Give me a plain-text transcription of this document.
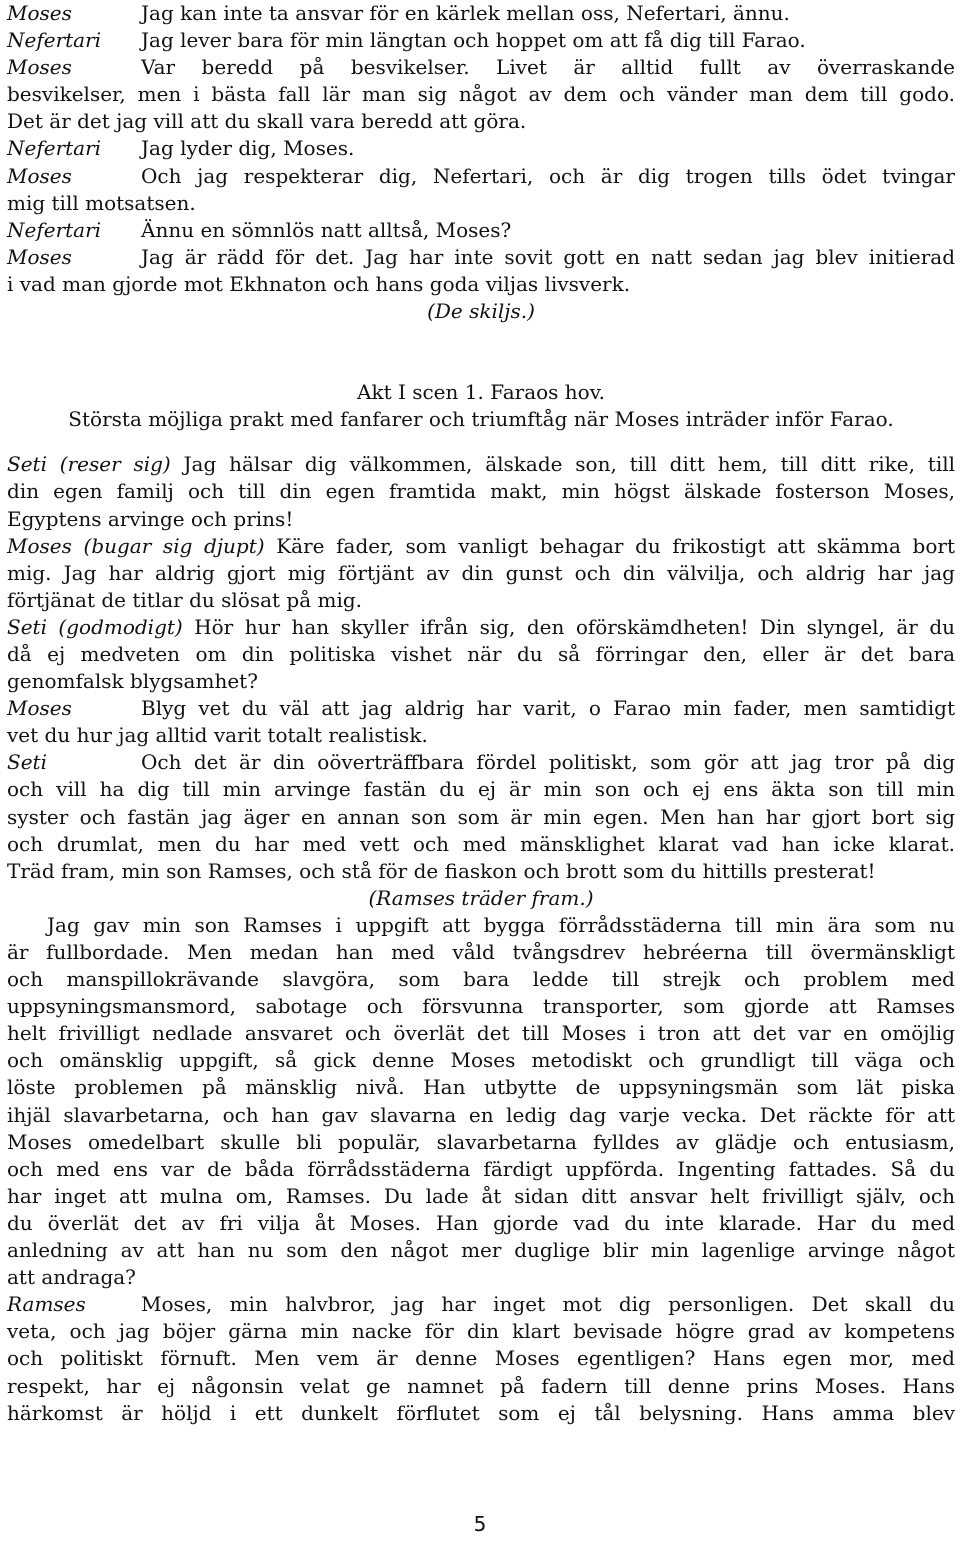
Moses	Jag kan inte ta ansvar för en kärlek mellan oss, Nefertari, ännu.
Nefertari Jag lever bara för min längtan och hoppet om att få dig till Farao.
Moses	Var beredd på besvikelser. Livet är alltid fullt av överraskande
besvikelser, men i bästa fall lär man sig något av dem och vänder man dem till godo.
Det är det jag vill att du skall vara beredd att göra.
Nefertari Jag lyder dig, Moses.
Moses	Och jag respekterar dig, Nefertari, och är dig trogen tills ödet tvingar
mig till motsatsen.
Nefertari Ännu en sömnlös natt alltså, Moses?
Moses	Jag är rädd för det. Jag har inte sovit gott en natt sedan jag blev initierad
i vad man gjorde mot Ekhnaton och hans goda viljas livsverk.
(De skiljs.)
Akt I scen 1. Faraos hov.
Största möjliga prakt med fanfarer och triumftåg när Moses inträder inför Farao.
Seti (reser sig) Jag hälsar dig välkommen, älskade son, till ditt hem, till ditt rike, till
din egen familj och till din egen framtida makt, min högst älskade fosterson Moses,
Egyptens arvinge och prins!
Moses (bugar sig djupt) Käre fader, som vanligt behagar du frikostigt att skämma bort
mig. Jag har aldrig gjort mig förtjänt av din gunst och din välvilja, och aldrig har jag
förtjänat de titlar du slösat på mig.
Seti (godmodigt) Hör hur han skyller ifrån sig, den oförskämdheten! Din slyngel, är du
då ej medveten om din politiska vishet när du så förringar den, eller är det bara
genomfalsk blygsamhet?
Moses	Blyg vet du väl att jag aldrig har varit, o Farao min fader, men samtidigt
vet du hur jag alltid varit totalt realistisk.
Seti	Och det är din oöverträffbara fördel politiskt, som gör att jag tror på dig
och vill ha dig till min arvinge fastän du ej är min son och ej ens äkta son till min
syster och fastän jag äger en annan son som är min egen. Men han har gjort bort sig
och drumlat, men du har med vett och med mänsklighet klarat vad han icke klarat.
Träd fram, min son Ramses, och stå för de fiaskon och brott som du hittills presterat!
(Ramses träder fram.)
Jag gav min son Ramses i uppgift att bygga förrådsstäderna till min ära som nu
är fullbordade. Men medan han med våld tvångsdrev hebréerna till övermänskligt
och manspillokrävande slavgöra, som bara ledde till strejk och problem med
uppsyningsmansmord, sabotage och försvunna transporter, som gjorde att Ramses
helt frivilligt nedlade ansvaret och överlät det till Moses i tron att det var en omöjlig
och omänsklig uppgift, så gick denne Moses metodiskt och grundligt till väga och
löste problemen på mänsklig nivå. Han utbytte de uppsyningsmän som lät piska
ihjäl slavarbetarna, och han gav slavarna en ledig dag varje vecka. Det räckte för att
Moses omedelbart skulle bli populär, slavarbetarna fylldes av glädje och entusiasm,
och med ens var de båda förrådsstäderna färdigt uppförda. Ingenting fattades. Så du
har inget att mulna om, Ramses. Du lade åt sidan ditt ansvar helt frivilligt själv, och
du överlät det av fri vilja åt Moses. Han gjorde vad du inte klarade. Har du med
anledning av att han nu som den något mer duglige blir min lagenlige arvinge något
att andraga?
Ramses	Moses, min halvbror, jag har inget mot dig personligen. Det skall du
veta, och jag böjer gärna min nacke för din klart bevisade högre grad av kompetens
och politiskt förnuft. Men vem är denne Moses egentligen? Hans egen mor, med
respekt, har ej någonsin velat ge namnet på fadern till denne prins Moses. Hans
härkomst är höljd i ett dunkelt förflutet som ej tål belysning. Hans amma blev
5
